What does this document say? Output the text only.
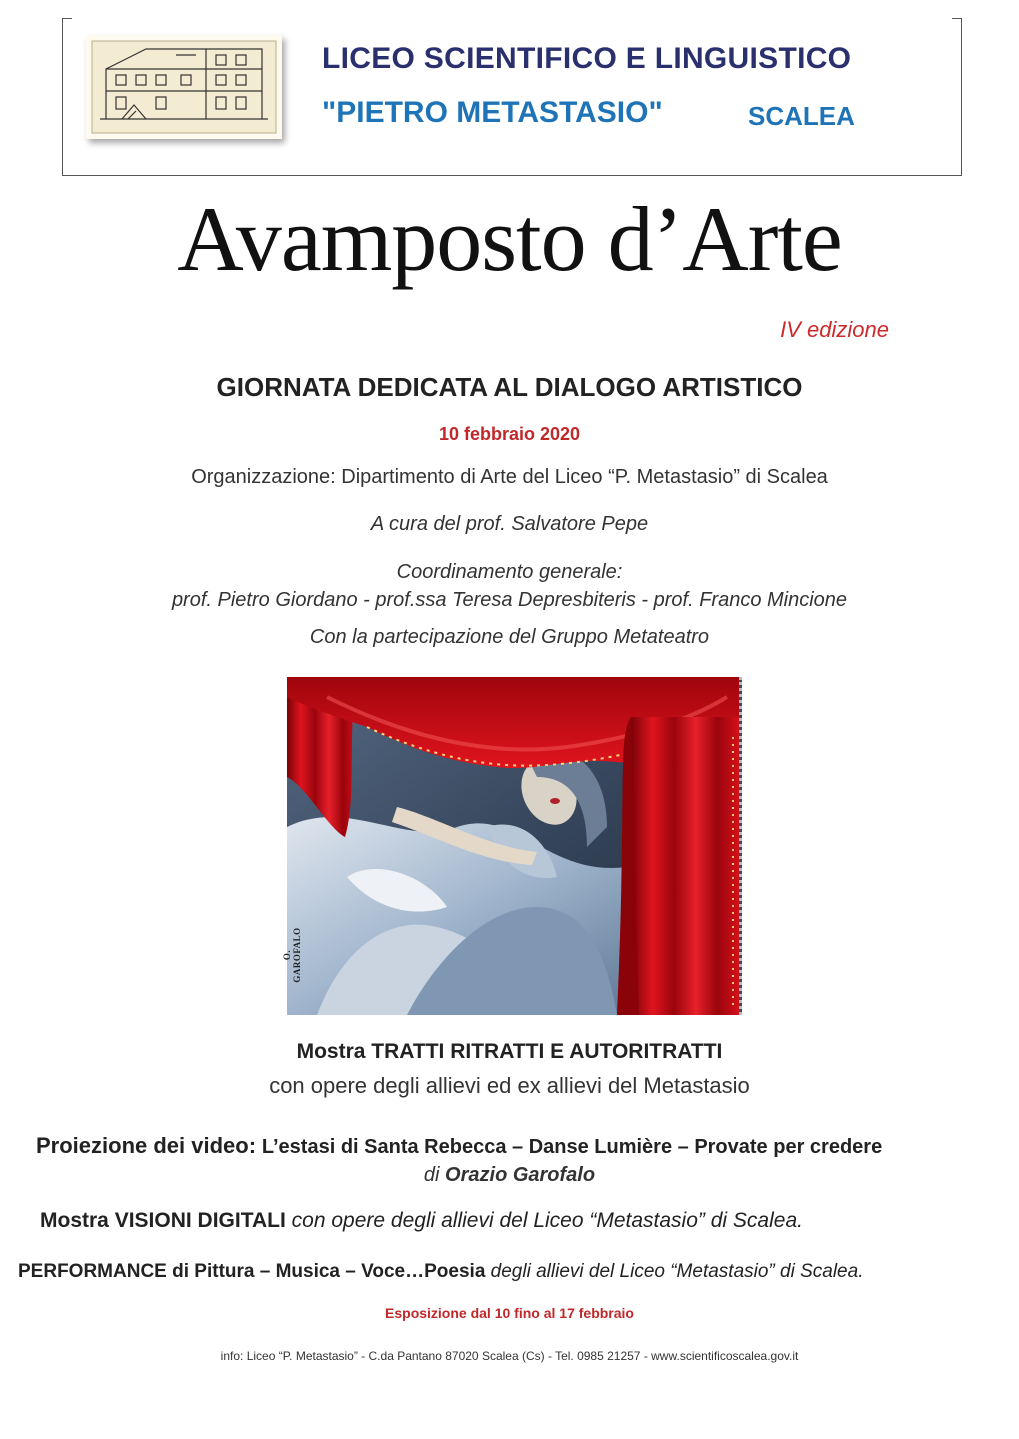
LICEO SCIENTIFICO E LINGUISTICO
"PIETRO METASTASIO"	SCALEA
Avamposto d’Arte
IV edizione
GIORNATA DEDICATA AL DIALOGO ARTISTICO
10 febbraio 2020
Organizzazione: Dipartimento di Arte del Liceo “P. Metastasio” di Scalea
A cura del prof. Salvatore Pepe
Coordinamento generale:
prof. Pietro Giordano - prof.ssa Teresa Depresbiteris - prof. Franco Mincione
Con la partecipazione del Gruppo Metateatro
O. GAROFALO
Mostra TRATTI RITRATTI E AUTORITRATTI
con opere degli allievi ed ex allievi del Metastasio
Proiezione dei video: L’estasi di Santa Rebecca – Danse Lumière – Provate per credere
di Orazio Garofalo
Mostra VISIONI DIGITALI con opere degli allievi del Liceo “Metastasio” di Scalea.
PERFORMANCE di Pittura – Musica – Voce…Poesia degli allievi del Liceo “Metastasio” di Scalea.
Esposizione dal 10 fino al 17 febbraio
info: Liceo “P. Metastasio” - C.da Pantano 87020 Scalea (Cs) - Tel. 0985 21257 - www.scientificoscalea.gov.it
